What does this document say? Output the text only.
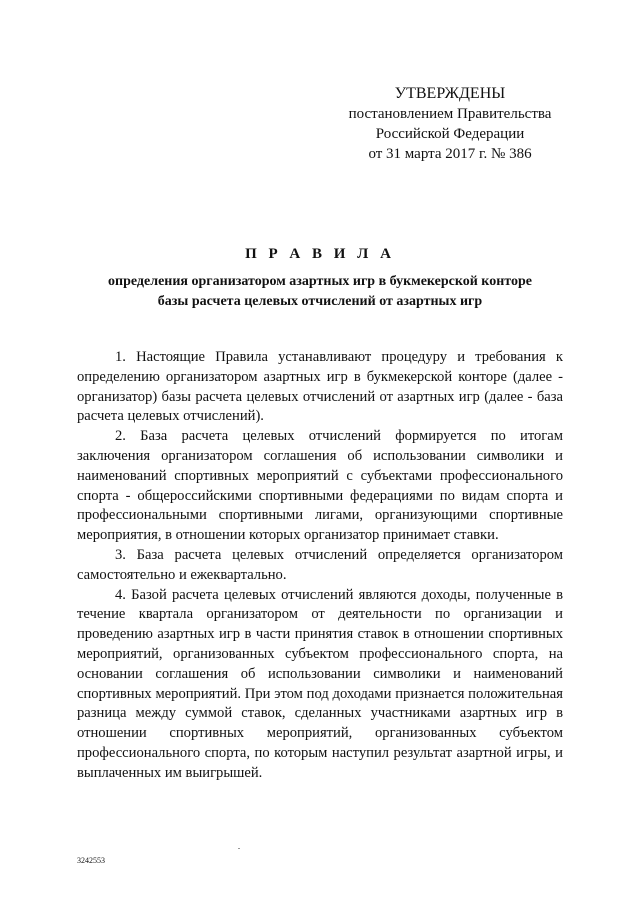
УТВЕРЖДЕНЫ
постановлением Правительства
Российской Федерации
от 31 марта 2017 г. № 386
П Р А В И Л А
определения организатором азартных игр в букмекерской конторе
базы расчета целевых отчислений от азартных игр

1. Настоящие Правила устанавливают процедуру и требования к определению организатором азартных игр в букмекерской конторе (далее - организатор) базы расчета целевых отчислений от азартных игр (далее - база расчета целевых отчислений).

2. База расчета целевых отчислений формируется по итогам заключения организатором соглашения об использовании символики и наименований спортивных мероприятий с субъектами профессионального спорта - общероссийскими спортивными федерациями по видам спорта и профессиональными спортивными лигами, организующими спортивные мероприятия, в отношении которых организатор принимает ставки.

3. База расчета целевых отчислений определяется организатором самостоятельно и ежеквартально.

4. Базой расчета целевых отчислений являются доходы, полученные в течение квартала организатором от деятельности по организации и проведению азартных игр в части принятия ставок в отношении спортивных мероприятий, организованных субъектом профессионального спорта, на основании соглашения об использовании символики и наименований спортивных мероприятий. При этом под доходами признается положительная разница между суммой ставок, сделанных участниками азартных игр в отношении спортивных мероприятий, организованных субъектом профессионального спорта, по которым наступил результат азартной игры, и выплаченных им выигрышей.

3242553
